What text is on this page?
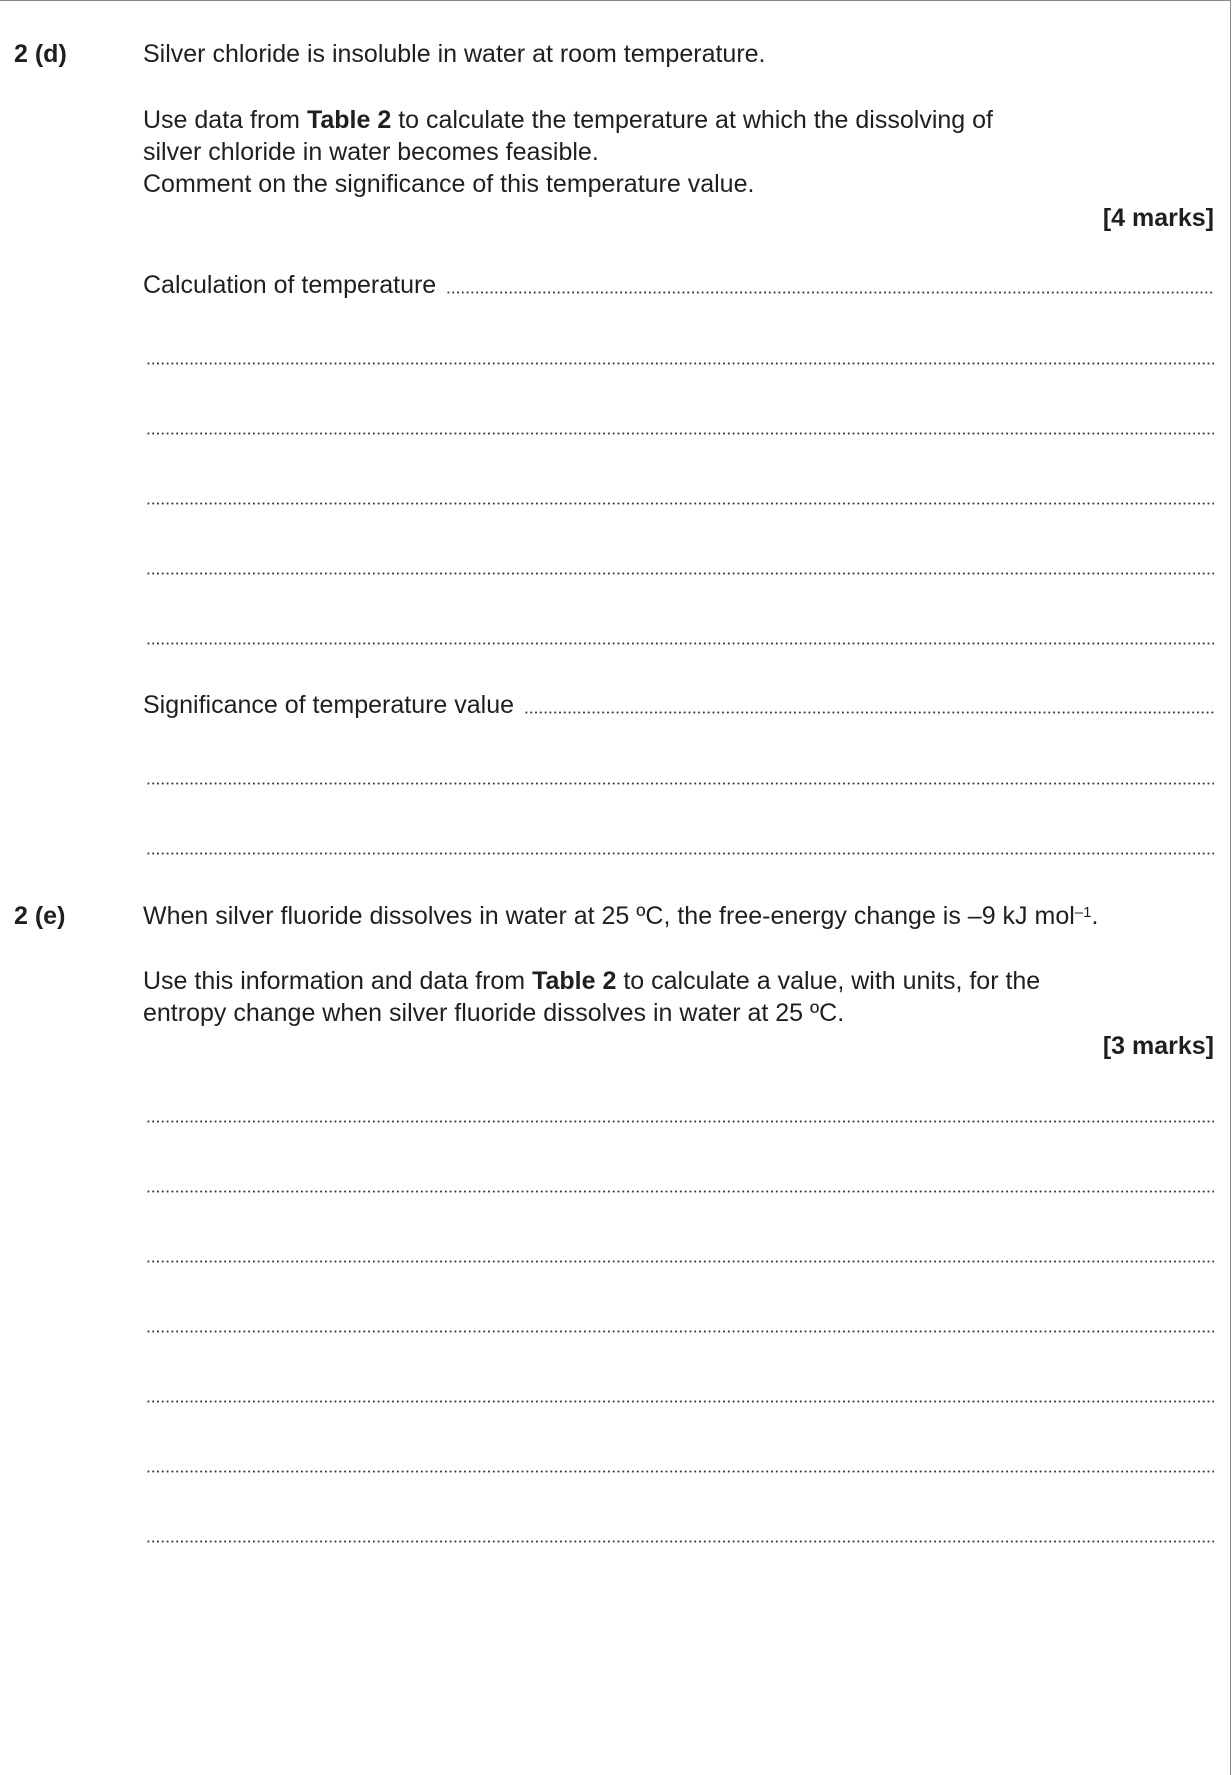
2 (d)	Silver chloride is insoluble in water at room temperature.
Use data from Table 2 to calculate the temperature at which the dissolving of
silver chloride in water becomes feasible.
Comment on the significance of this temperature value.
[4 marks]
Calculation of temperature
Significance of temperature value
2 (e)	When silver fluoride dissolves in water at 25 ºC, the free-energy change is –9 kJ mol$^{-1}$.
Use this information and data from Table 2 to calculate a value, with units, for the
entropy change when silver fluoride dissolves in water at 25 ºC.
[3 marks]
